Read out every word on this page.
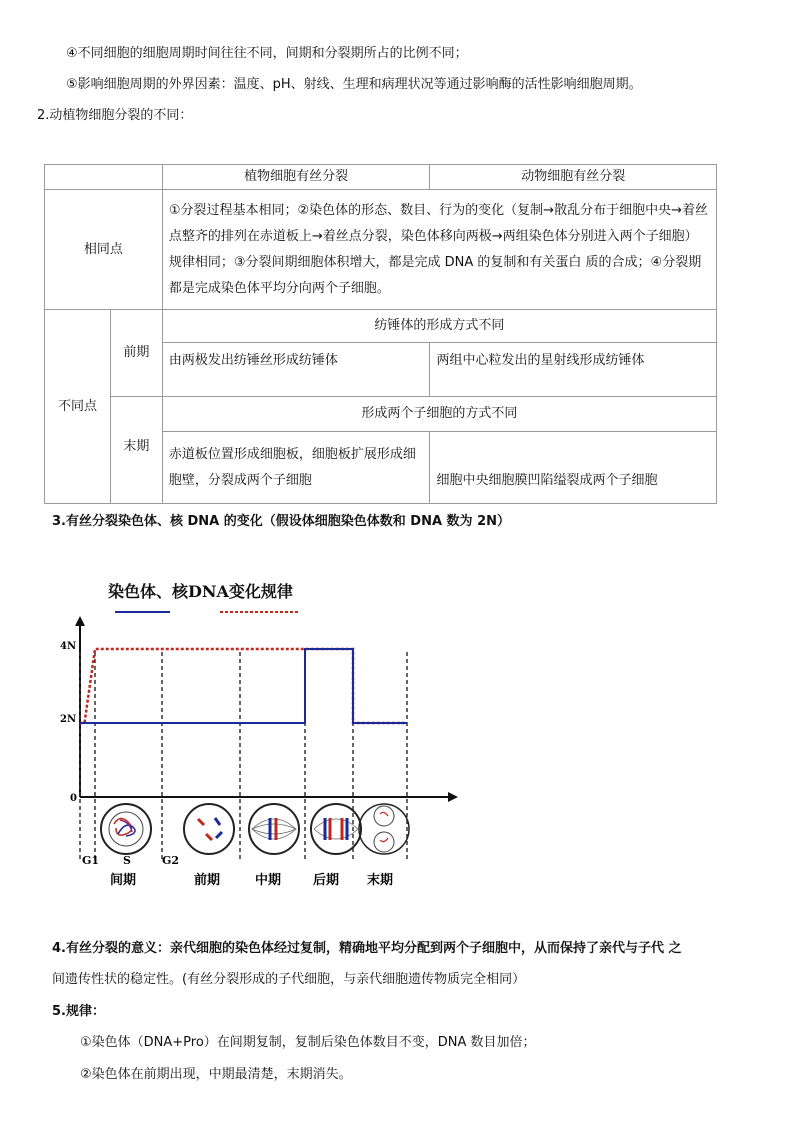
④不同细胞的细胞周期时间往往不同，间期和分裂期所占的比例不同；
⑤影响细胞周期的外界因素：温度、pH、射线、生理和病理状况等通过影响酶的活性影响细胞周期。
2.动植物细胞分裂的不同：
		植物细胞有丝分裂	动物细胞有丝分裂
相同点		①分裂过程基本相同；②染色体的形态、数目、行为的变化（复制→散乱分布于细胞中央→着丝点整齐的排列在赤道板上→着丝点分裂，染色体移向两极→两组染色体分别进入两个子细胞）规律相同；③分裂间期细胞体积增大，都是完成 DNA 的复制和有关蛋白 质的合成；④分裂期都是完成染色体平均分向两个子细胞。	
不同点	前期	纺锤体的形成方式不同	
		由两极发出纺锤丝形成纺锤体	两组中心粒发出的星射线形成纺锤体
	末期	形成两个子细胞的方式不同	
		赤道板位置形成细胞板，细胞板扩展形成细胞壁，分裂成两个子细胞	细胞中央细胞膜凹陷缢裂成两个子细胞
3.有丝分裂染色体、核 DNA 的变化（假设体细胞染色体数和 DNA 数为 2N）
染色体、核DNA变化规律
4N
2N
0
G1 S	G2
间期	前期	中期 后期 末期
4.有丝分裂的意义：亲代细胞的染色体经过复制，精确地平均分配到两个子细胞中，从而保持了亲代与子代 之
间遗传性状的稳定性。(有丝分裂形成的子代细胞，与亲代细胞遗传物质完全相同）
5.规律：
①染色体（DNA+Pro）在间期复制，复制后染色体数目不变，DNA 数目加倍；
②染色体在前期出现，中期最清楚，末期消失。
